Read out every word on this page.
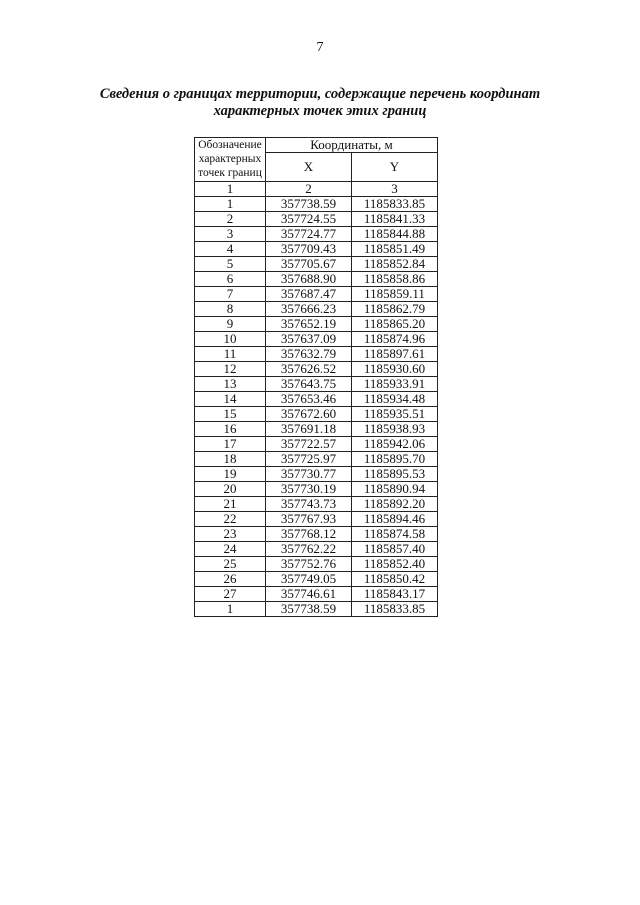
7
Сведения о границах территории, содержащие перечень координат
характерных точек этих границ
Обозначение
характерных
точек границ	Координаты, м	
	X	Y
1	2	3
1	357738.59	1185833.85
2	357724.55	1185841.33
3	357724.77	1185844.88
4	357709.43	1185851.49
5	357705.67	1185852.84
6	357688.90	1185858.86
7	357687.47	1185859.11
8	357666.23	1185862.79
9	357652.19	1185865.20
10	357637.09	1185874.96
11	357632.79	1185897.61
12	357626.52	1185930.60
13	357643.75	1185933.91
14	357653.46	1185934.48
15	357672.60	1185935.51
16	357691.18	1185938.93
17	357722.57	1185942.06
18	357725.97	1185895.70
19	357730.77	1185895.53
20	357730.19	1185890.94
21	357743.73	1185892.20
22	357767.93	1185894.46
23	357768.12	1185874.58
24	357762.22	1185857.40
25	357752.76	1185852.40
26	357749.05	1185850.42
27	357746.61	1185843.17
1	357738.59	1185833.85
